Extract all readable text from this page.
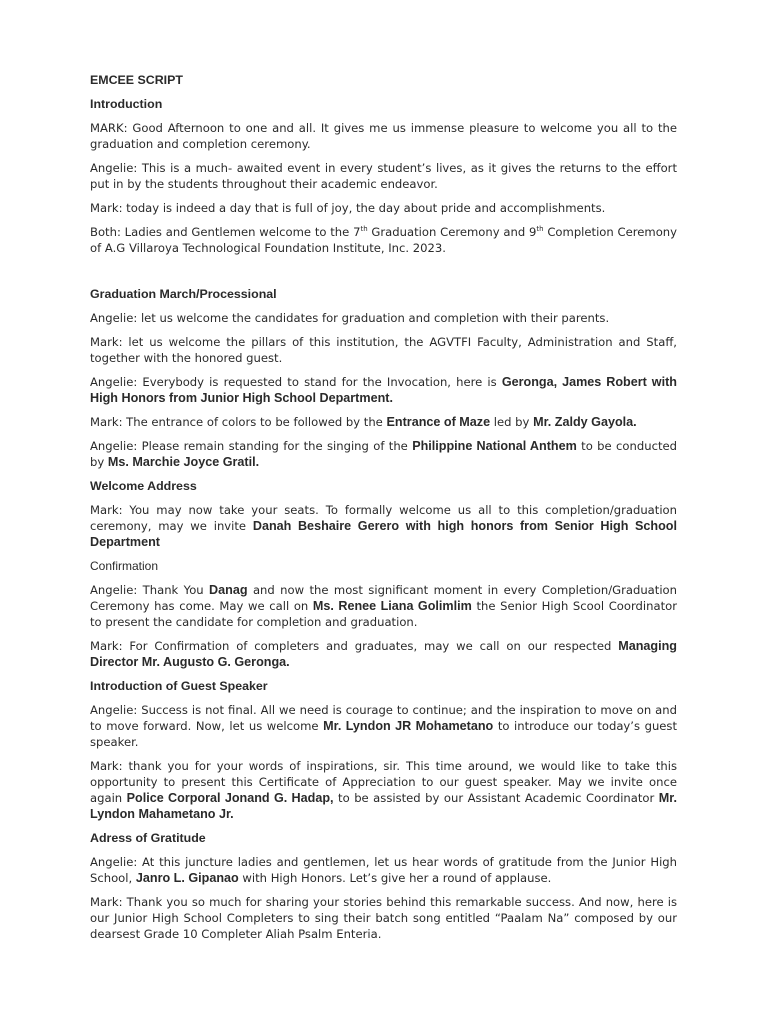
EMCEE SCRIPT

Introduction

MARK: Good Afternoon to one and all. It gives me us immense pleasure to welcome you all to the graduation and completion ceremony.

Angelie: This is a much- awaited event in every student’s lives, as it gives the returns to the effort put in by the students throughout their academic endeavor.

Mark: today is indeed a day that is full of joy, the day about pride and accomplishments.

Both: Ladies and Gentlemen welcome to the 7th Graduation Ceremony and 9th Completion Ceremony of A.G Villaroya Technological Foundation Institute, Inc. 2023.

Graduation March/Processional

Angelie: let us welcome the candidates for graduation and completion with their parents.

Mark: let us welcome the pillars of this institution, the AGVTFI Faculty, Administration and Staff, together with the honored guest.

Angelie: Everybody is requested to stand for the Invocation, here is Geronga, James Robert with High Honors from Junior High School Department.

Mark: The entrance of colors to be followed by the Entrance of Maze led by Mr. Zaldy Gayola.

Angelie: Please remain standing for the singing of the Philippine National Anthem to be conducted by Ms. Marchie Joyce Gratil.

Welcome Address

Mark: You may now take your seats. To formally welcome us all to this completion/graduation ceremony, may we invite Danah Beshaire Gerero with high honors from Senior High School Department

Confirmation

Angelie: Thank You Danag and now the most significant moment in every Completion/Graduation Ceremony has come. May we call on Ms. Renee Liana Golimlim the Senior High Scool Coordinator to present the candidate for completion and graduation.

Mark: For Confirmation of completers and graduates, may we call on our respected Managing Director Mr. Augusto G. Geronga.

Introduction of Guest Speaker

Angelie: Success is not final. All we need is courage to continue; and the inspiration to move on and to move forward. Now, let us welcome Mr. Lyndon JR Mohametano to introduce our today’s guest speaker.

Mark: thank you for your words of inspirations, sir. This time around, we would like to take this opportunity to present this Certificate of Appreciation to our guest speaker. May we invite once again Police Corporal Jonand G. Hadap, to be assisted by our Assistant Academic Coordinator Mr. Lyndon Mahametano Jr.

Adress of Gratitude

Angelie: At this juncture ladies and gentlemen, let us hear words of gratitude from the Junior High School, Janro L. Gipanao with High Honors. Let’s give her a round of applause.

Mark: Thank you so much for sharing your stories behind this remarkable success. And now, here is our Junior High School Completers to sing their batch song entitled “Paalam Na” composed by our dearsest Grade 10 Completer Aliah Psalm Enteria.
